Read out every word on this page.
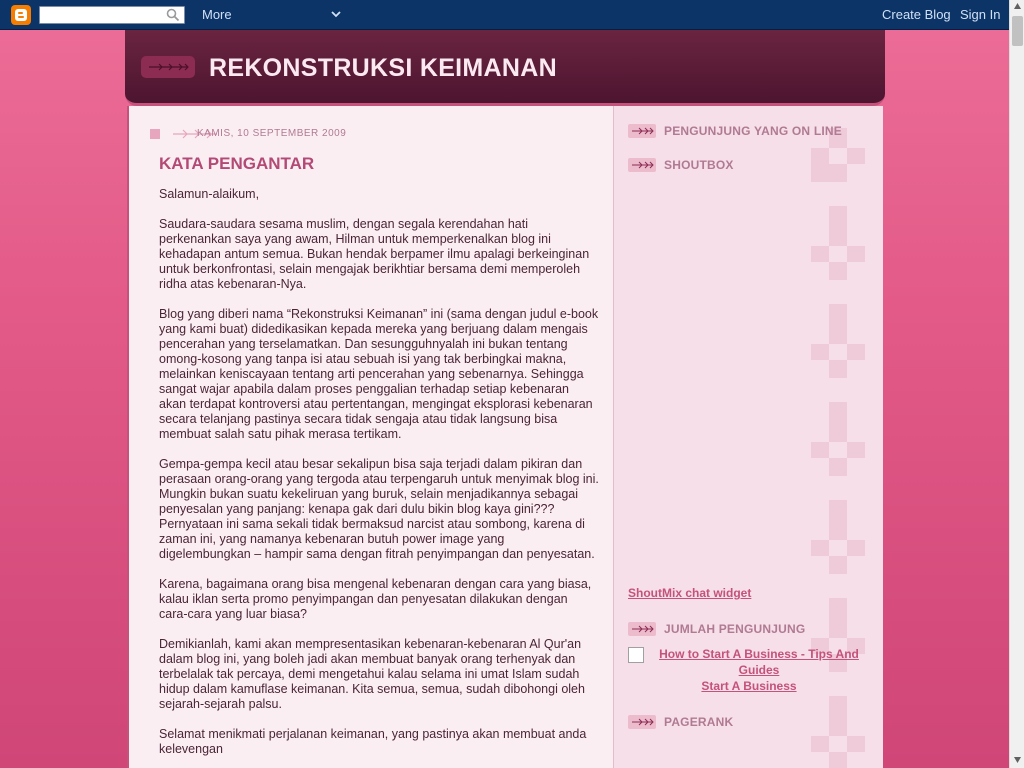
More	Create Blog Sign In
REKONSTRUKSI KEIMANAN
KAMIS, 10 SEPTEMBER 2009
KATA PENGANTAR

Salamun-alaikum,

Saudara-saudara sesama muslim, dengan segala kerendahan hati perkenankan saya yang awam, Hilman untuk memperkenalkan blog ini kehadapan antum semua. Bukan hendak berpamer ilmu apalagi berkeinginan untuk berkonfrontasi, selain mengajak berikhtiar bersama demi memperoleh ridha atas kebenaran-Nya.

Blog yang diberi nama “Rekonstruksi Keimanan” ini (sama dengan judul e-book yang kami buat) didedikasikan kepada mereka yang berjuang dalam mengais pencerahan yang terselamatkan. Dan sesungguhnyalah ini bukan tentang omong-kosong yang tanpa isi atau sebuah isi yang tak berbingkai makna, melainkan keniscayaan tentang arti pencerahan yang sebenarnya. Sehingga sangat wajar apabila dalam proses penggalian terhadap setiap kebenaran akan terdapat kontroversi atau pertentangan, mengingat eksplorasi kebenaran secara telanjang pastinya secara tidak sengaja atau tidak langsung bisa membuat salah satu pihak merasa tertikam.

Gempa-gempa kecil atau besar sekalipun bisa saja terjadi dalam pikiran dan perasaan orang-orang yang tergoda atau terpengaruh untuk menyimak blog ini. Mungkin bukan suatu kekeliruan yang buruk, selain menjadikannya sebagai penyesalan yang panjang: kenapa gak dari dulu bikin blog kaya gini??? Pernyataan ini sama sekali tidak bermaksud narcist atau sombong, karena di zaman ini, yang namanya kebenaran butuh power image yang digelembungkan – hampir sama dengan fitrah penyimpangan dan penyesatan.

Karena, bagaimana orang bisa mengenal kebenaran dengan cara yang biasa, kalau iklan serta promo penyimpangan dan penyesatan dilakukan dengan cara-cara yang luar biasa?

Demikianlah, kami akan mempresentasikan kebenaran-kebenaran Al Qur'an dalam blog ini, yang boleh jadi akan membuat banyak orang terhenyak dan terbelalak tak percaya, demi mengetahui kalau selama ini umat Islam sudah hidup dalam kamuflase keimanan. Kita semua, semua, sudah dibohongi oleh sejarah-sejarah palsu.

Selamat menikmati perjalanan keimanan, yang pastinya akan membuat anda kelevengan

PENGUNJUNG YANG ON LINE
SHOUTBOX
ShoutMix chat widget
JUMLAH PENGUNJUNG
How to Start A Business - Tips And Guides
Start A Business
PAGERANK
